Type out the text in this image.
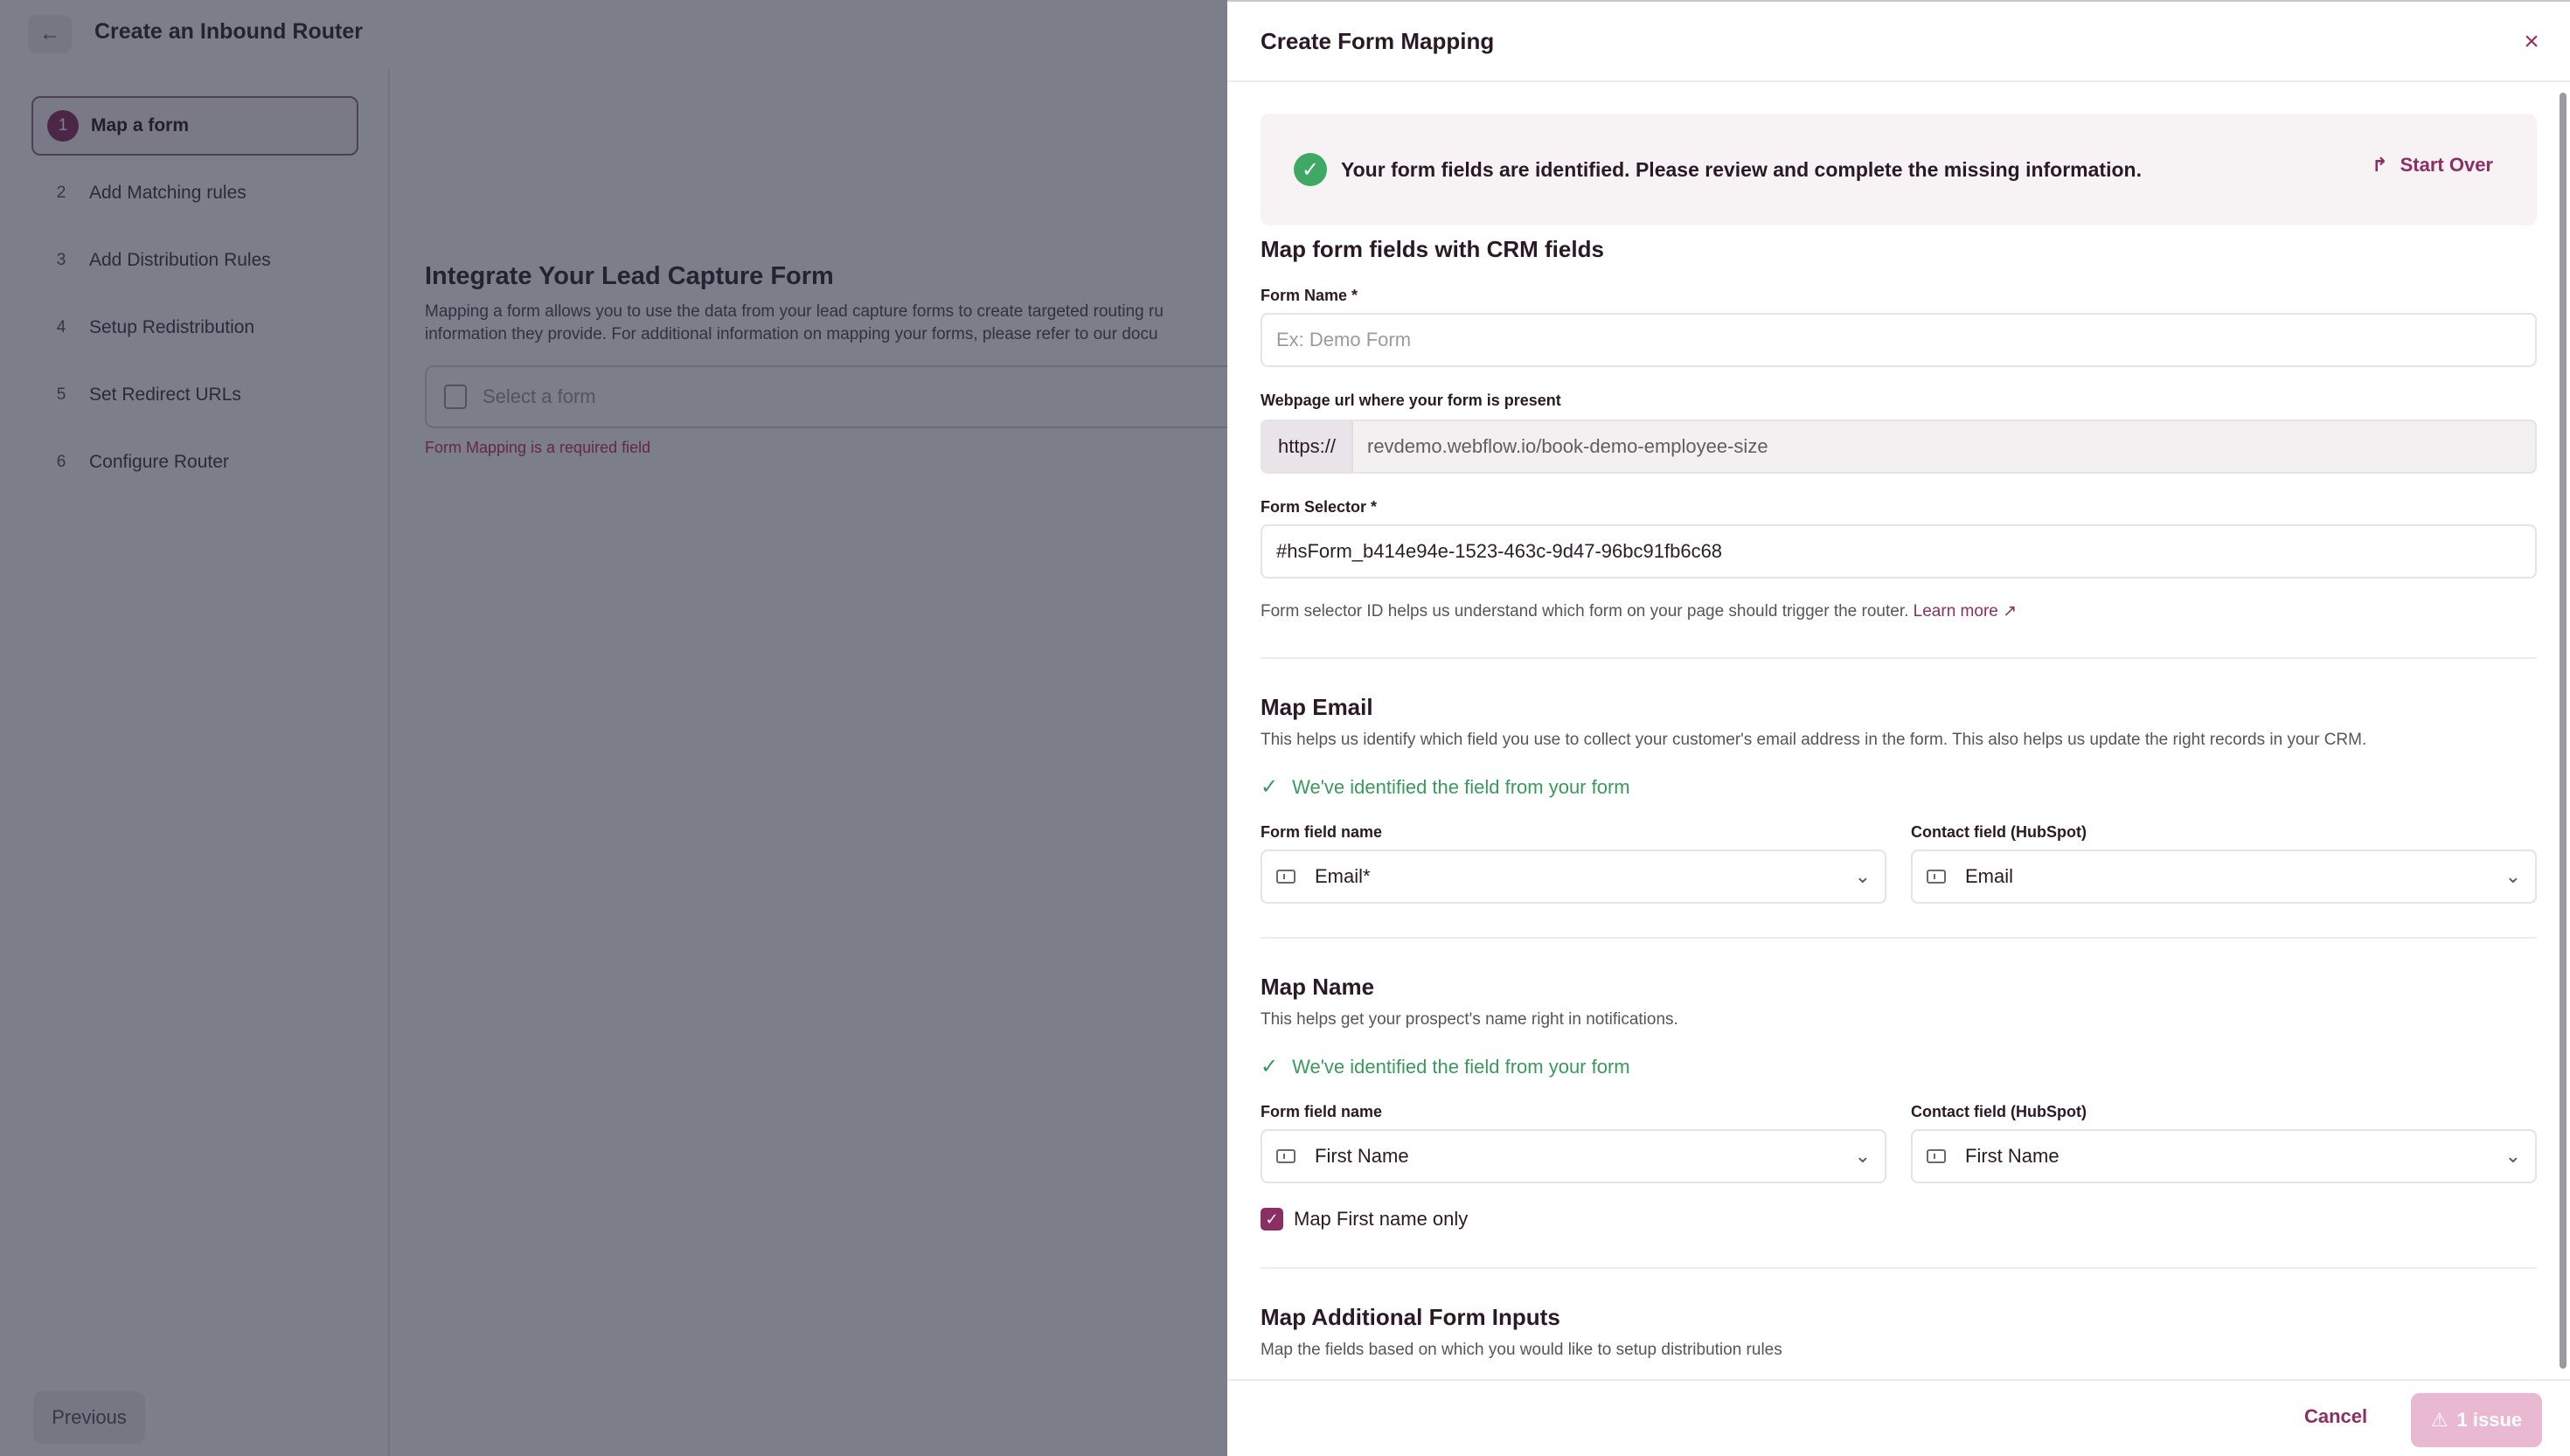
Create Form Mapping	×
✓	Your form fields are identified. Please review and complete the missing information.	↱ Start Over
Map form fields with CRM fields
Form Name *
Ex: Demo Form
Webpage url where your form is present
https://	revdemo.webflow.io/book-demo-employee-size
Form Selector *
#hsForm_b414e94e-1523-463c-9d47-96bc91fb6c68
Form selector ID helps us understand which form on your page should trigger the router. Learn more ↗
Map Email
This helps us identify which field you use to collect your customer's email address in the form. This also helps us update the right records in your CRM.
✓ We've identified the field from your form
Form field name	Contact field (HubSpot)
Email*	⌄	Email	⌄
Map Name
This helps get your prospect's name right in notifications.
✓ We've identified the field from your form
Form field name	Contact field (HubSpot)
First Name	⌄	First Name	⌄
✓ Map First name only
Map Additional Form Inputs
Map the fields based on which you would like to setup distribution rules
Cancel	⚠ 1 issue
